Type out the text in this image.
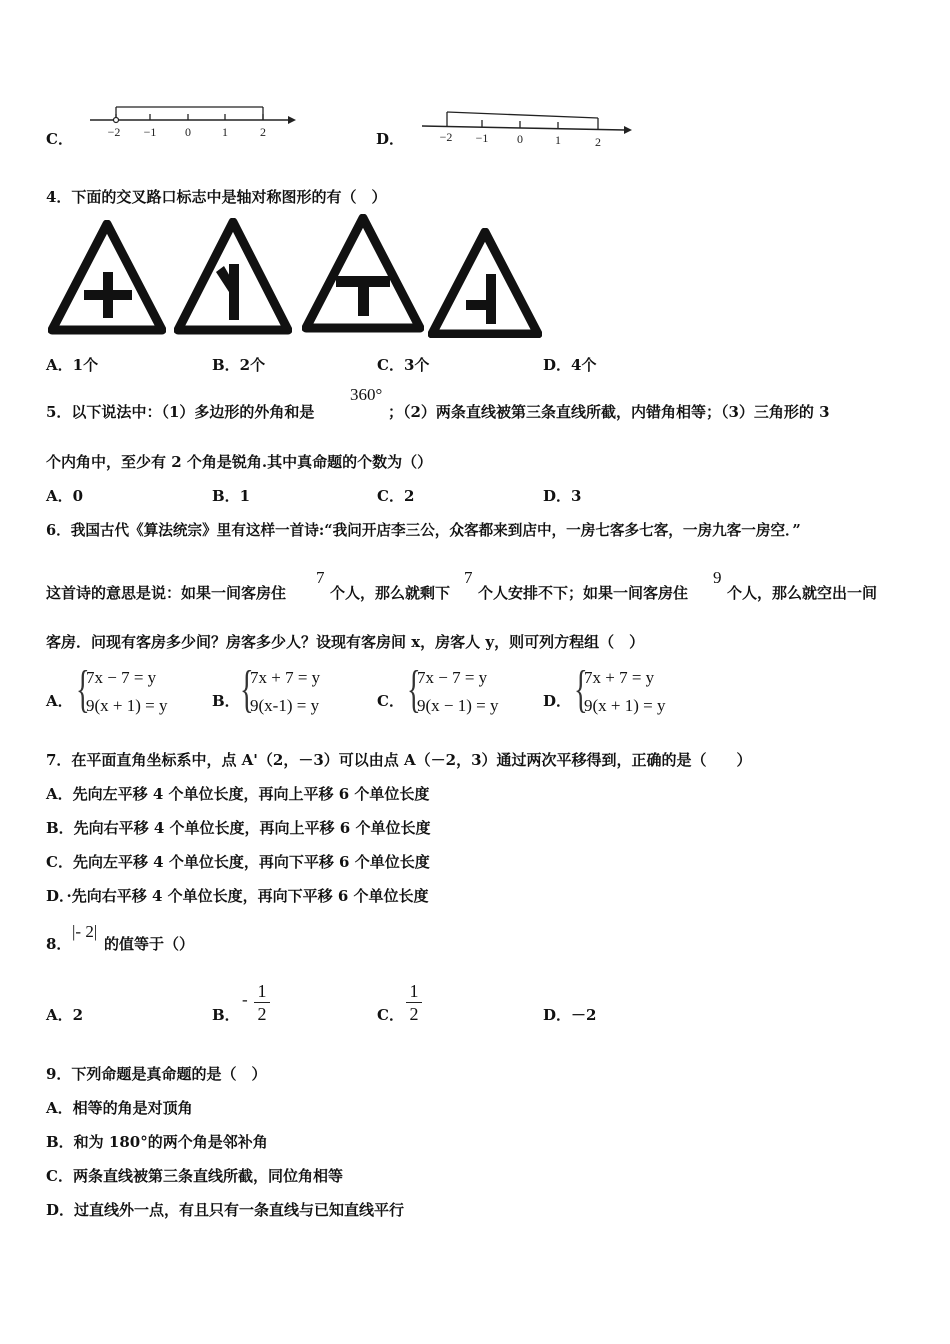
C．	−2 −1 0	1	2	D．	−2 −1 0	1	2
4．下面的交叉路口标志中是轴对称图形的有（　）
A．1个	B．2个	C．3个	D．4个
5．以下说法中：（1）多边形的外角和是
360°
；（2）两条直线被第三条直线所截，内错角相等；（3）三角形的 3
个内角中，至少有 2 个角是锐角.其中真命题的个数为（）
A．0	B．1	C．2	D．3
6．我国古代《算法统宗》里有这样一首诗:“我问开店李三公，众客都来到店中，一房七客多七客，一房九客一房空．”
这首诗的意思是说：如果一间客房住
7
个人，那么就剩下
7
个人安排不下；如果一间客房住
9
个人，那么就空出一间
客房．问现有客房多少间？房客多少人？设现有客房间 x，房客人 y，则可列方程组（　）
A． {
7x − 7 = y
9(x + 1) = y	B． {
7x + 7 = y
9(x-1) = y	C． {
7x − 7 = y
9(x − 1) = y	D． {
7x + 7 = y
9(x + 1) = y
7．在平面直角坐标系中，点 A'（2，－3）可以由点 A（－2，3）通过两次平移得到，正确的是（　　）
A．先向左平移 4 个单位长度，再向上平移 6 个单位长度
B．先向右平移 4 个单位长度，再向上平移 6 个单位长度
C．先向左平移 4 个单位长度，再向下平移 6 个单位长度
D．·先向右平移 4 个单位长度，再向下平移 6 个单位长度
8．
|- 2|
的值等于（）
A．2	B．
- 1
2	C．
1
2	D．－2
9．下列命题是真命题的是（　）
A．相等的角是对顶角
B．和为 180°的两个角是邻补角
C．两条直线被第三条直线所截，同位角相等
D．过直线外一点，有且只有一条直线与已知直线平行
